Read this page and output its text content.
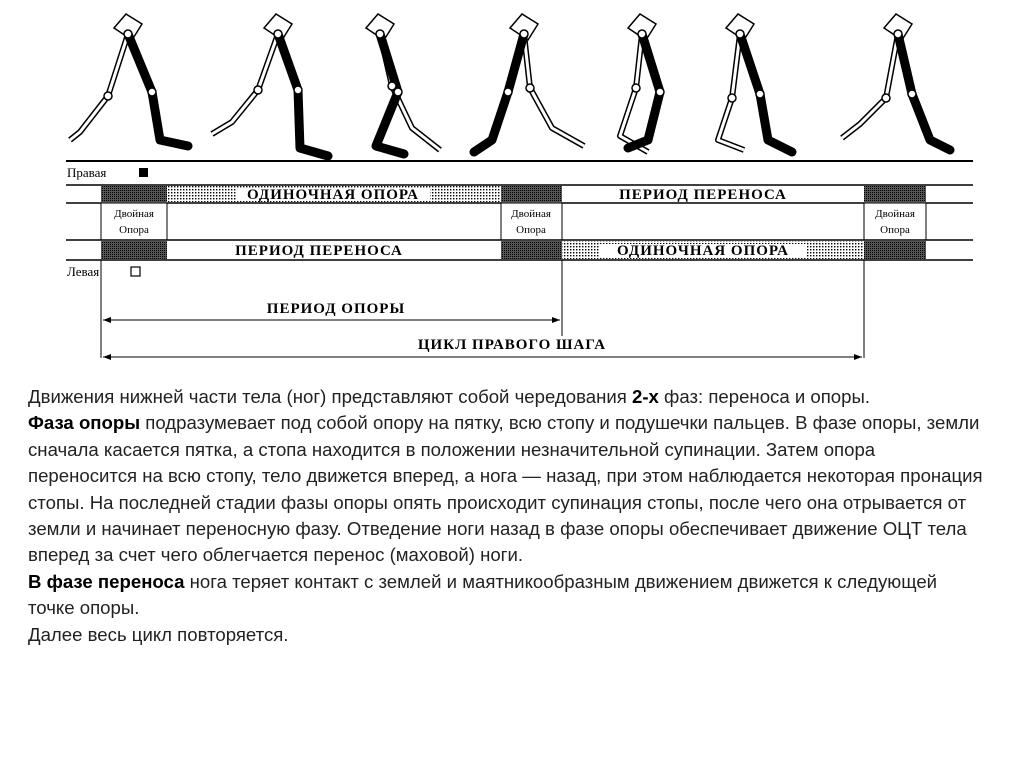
Правая
ОДИНОЧНАЯ ОПОРА	ПЕРИОД ПЕРЕНОСА
Двойная
Опора
Двойная
Опора
Двойная
Опора
ПЕРИОД ПЕРЕНОСА	ОДИНОЧНАЯ ОПОРА
Левая
ПЕРИОД ОПОРЫ
ЦИКЛ ПРАВОГО ШАГА

Движения нижней части тела (ног) представляют собой чередования 2-х фаз: переноса и опоры.

Фаза опоры подразумевает под собой опору на пятку, всю стопу и подушечки пальцев. В фазе опоры, земли сначала касается пятка, а стопа находится в положении незначительной супинации. Затем опора переносится на всю стопу, тело движется вперед, а нога — назад, при этом наблюдается некоторая пронация стопы. На последней стадии фазы опоры опять происходит супинация стопы, после чего она отрывается от земли и начинает переносную фазу. Отведение ноги назад в фазе опоры обеспечивает движение ОЦТ тела вперед за счет чего облегчается перенос (маховой) ноги.

В фазе переноса нога теряет контакт с землей и маятникообразным движением движется к следующей точке опоры.

Далее весь цикл повторяется.
